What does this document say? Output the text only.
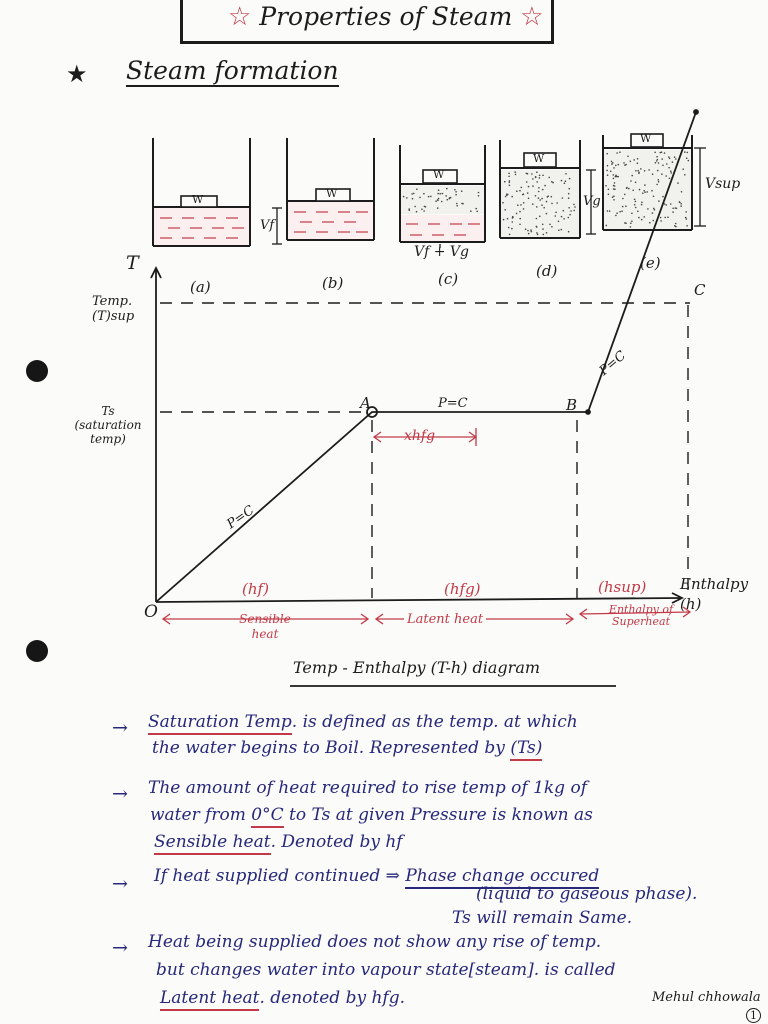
☆ Properties of Steam ☆
★ Steam formation
W	W
W
W
W
Vf
Vf + Vg
Vg
Vsup
(a)	(b)	(c)	(d)	(e)
T
Temp. (T)sup
Ts (saturation temp)
O
A	B
C
P=C
P=C
P=C
xhfg
(hf)	(hfg)	(hsup)
Sensible heat
Latent heat
Enthalpy of Superheat
Enthalpy (h)
Temp - Enthalpy (T-h) diagram
→ Saturation Temp. is defined as the temp. at which
the water begins to Boil. Represented by (Ts)
→ The amount of heat required to rise temp of 1kg of
water from 0°C to Ts at given Pressure is known as
Sensible heat. Denoted by hf
→ If heat supplied continued ⇒ Phase change occured
(liquid to gaseous phase).
Ts will remain Same.
→ Heat being supplied does not show any rise of temp.
but changes water into vapour state[steam]. is called
Latent heat. denoted by hfg.	Mehul chhowala
1
